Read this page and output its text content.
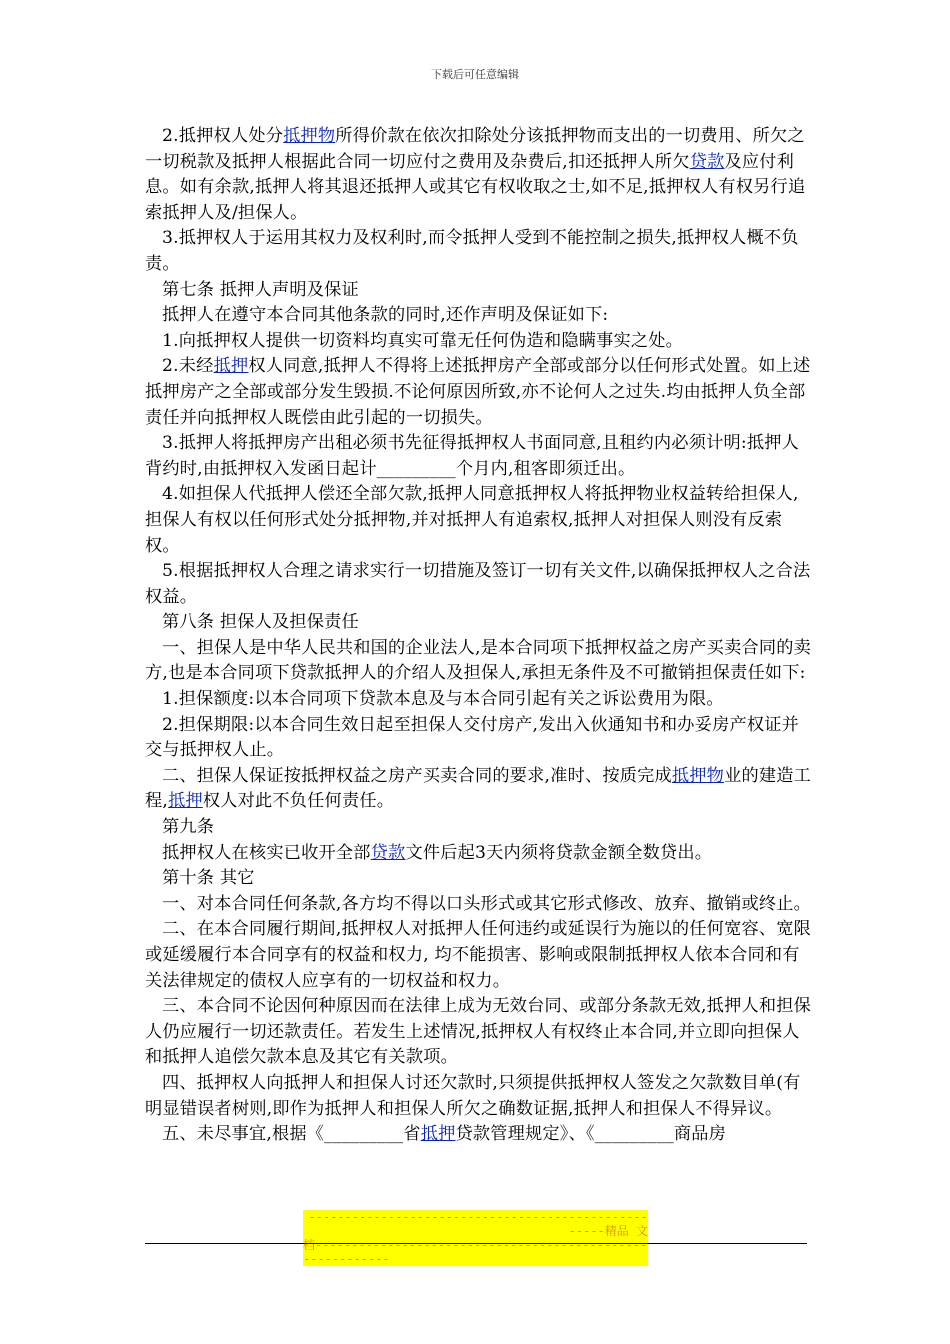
下载后可任意编辑

2.抵押权人处分抵押物所得价款在依次扣除处分该抵押物而支出的一切费用、所欠之一切税款及抵押人根据此合同一切应付之费用及杂费后,扣还抵押人所欠贷款及应付利息。如有余款,抵押人将其退还抵押人或其它有权收取之士,如不足,抵押权人有权另行追索抵押人及/担保人。

3.抵押权人于运用其权力及权利时,而令抵押人受到不能控制之损失,抵押权人概不负责。

第七条 抵押人声明及保证

抵押人在遵守本合同其他条款的同时,还作声明及保证如下:

1.向抵押权人提供一切资料均真实可靠无任何伪造和隐瞒事实之处。

2.未经抵押权人同意,抵押人不得将上述抵押房产全部或部分以任何形式处置。如上述抵押房产之全部或部分发生毁损.不论何原因所致,亦不论何人之过失.均由抵押人负全部责任并向抵押权人既偿由此引起的一切损失。

3.抵押人将抵押房产出租必须书先征得抵押权人书面同意,且租约内必须计明:抵押人背约时,由抵押权入发函日起计_________个月内,租客即须迁出。

4.如担保人代抵押人偿还全部欠款,抵押人同意抵押权人将抵押物业权益转给担保人,担保人有权以任何形式处分抵押物,并对抵押人有追索权,抵押人对担保人则没有反索权。

5.根据抵押权人合理之请求实行一切措施及签订一切有关文件,以确保抵押权人之合法权益。

第八条 担保人及担保责任

一、担保人是中华人民共和国的企业法人,是本合同项下抵押权益之房产买卖合同的卖方,也是本合同项下贷款抵押人的介绍人及担保人,承担无条件及不可撤销担保责任如下:

1.担保额度:以本合同项下贷款本息及与本合同引起有关之诉讼费用为限。

2.担保期限:以本合同生效日起至担保人交付房产,发出入伙通知书和办妥房产权证并交与抵押权人止。

二、担保人保证按抵押权益之房产买卖合同的要求,准时、按质完成抵押物业的建造工程,抵押权人对此不负任何责任。

第九条

抵押权人在核实已收开全部贷款文件后起3天内须将贷款金额全数贷出。

第十条 其它

一、对本合同任何条款,各方均不得以口头形式或其它形式修改、放弃、撤销或终止。

二、在本合同履行期间,抵押权人对抵押人任何违约或延误行为施以的任何宽容、宽限或延缓履行本合同享有的权益和权力, 均不能损害、影响或限制抵押权人依本合同和有关法律规定的债权人应享有的一切权益和权力。

三、本合同不论因何种原因而在法律上成为无效台同、或部分条款无效,抵押人和担保人仍应履行一切还款责任。若发生上述情况,抵押权人有权终止本合同,并立即向担保人和抵押人追偿欠款本息及其它有关款项。

四、抵押权人向抵押人和担保人讨还欠款时,只须提供抵押权人签发之欠款数目单(有明显错误者树则,即作为抵押人和担保人所欠之确数证据,抵押人和担保人不得异议。

五、未尽事宜,根据《_________省抵押贷款管理规定》、《_________商品房

----------------------------------------------------精品 文
档----------------------------------------------------------
